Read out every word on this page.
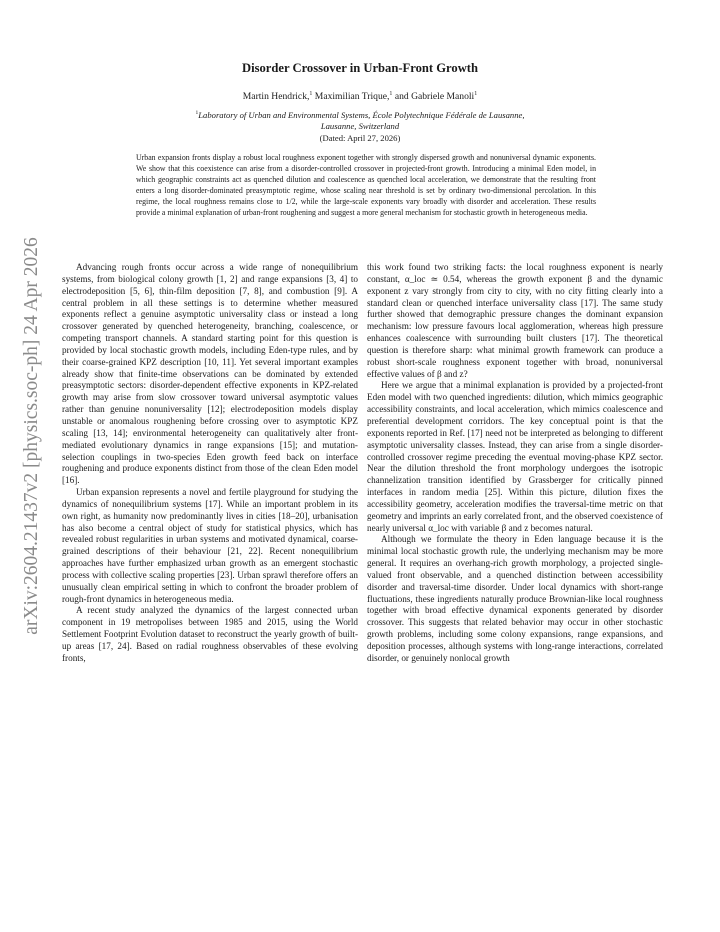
arXiv:2604.21437v2 [physics.soc-ph] 24 Apr 2026
Disorder Crossover in Urban-Front Growth
Martin Hendrick,$^1$ Maximilian Trique,$^1$ and Gabriele Manoli$^1$
$^1$Laboratory of Urban and Environmental Systems, École Polytechnique Fédérale de Lausanne,
Lausanne, Switzerland
(Dated: April 27, 2026)
Urban expansion fronts display a robust local roughness exponent together with strongly dispersed growth and nonuniversal dynamic exponents. We show that this coexistence can arise from a disorder-controlled crossover in projected-front growth. Introducing a minimal Eden model, in which geographic constraints act as quenched dilution and coalescence as quenched local acceleration, we demonstrate that the resulting front enters a long disorder-dominated preasymptotic regime, whose scaling near threshold is set by ordinary two-dimensional percolation. In this regime, the local roughness remains close to 1/2, while the large-scale exponents vary broadly with disorder and acceleration. These results provide a minimal explanation of urban-front roughening and suggest a more general mechanism for stochastic growth in heterogeneous media.

Advancing rough fronts occur across a wide range of nonequilibrium systems, from biological colony growth [1, 2] and range expansions [3, 4] to electrodeposition [5, 6], thin-film deposition [7, 8], and combustion [9]. A central problem in all these settings is to determine whether measured exponents reflect a genuine asymptotic universality class or instead a long crossover generated by quenched heterogeneity, branching, coalescence, or competing transport channels. A standard starting point for this question is provided by local stochastic growth models, including Eden-type rules, and by their coarse-grained KPZ description [10, 11]. Yet several important examples already show that finite-time observations can be dominated by extended preasymptotic sectors: disorder-dependent effective exponents in KPZ-related growth may arise from slow crossover toward universal asymptotic values rather than genuine nonuniversality [12]; electrodeposition models display unstable or anomalous roughening before crossing over to asymptotic KPZ scaling [13, 14]; environmental heterogeneity can qualitatively alter front-mediated evolutionary dynamics in range expansions [15]; and mutation-selection couplings in two-species Eden growth feed back on interface roughening and produce exponents distinct from those of the clean Eden model [16].

Urban expansion represents a novel and fertile playground for studying the dynamics of nonequilibrium systems [17]. While an important problem in its own right, as humanity now predominantly lives in cities [18–20], urbanisation has also become a central object of study for statistical physics, which has revealed robust regularities in urban systems and motivated dynamical, coarse-grained descriptions of their behaviour [21, 22]. Recent nonequilibrium approaches have further emphasized urban growth as an emergent stochastic process with collective scaling properties [23]. Urban sprawl therefore offers an unusually clean empirical setting in which to confront the broader problem of rough-front dynamics in heterogeneous media.

A recent study analyzed the dynamics of the largest connected urban component in 19 metropolises between 1985 and 2015, using the World Settlement Footprint Evolution dataset to reconstruct the yearly growth of built-up areas [17, 24]. Based on radial roughness observables of these evolving fronts,

this work found two striking facts: the local roughness exponent is nearly constant, α_loc ≃ 0.54, whereas the growth exponent β and the dynamic exponent z vary strongly from city to city, with no city fitting clearly into a standard clean or quenched interface universality class [17]. The same study further showed that demographic pressure changes the dominant expansion mechanism: low pressure favours local agglomeration, whereas high pressure enhances coalescence with surrounding built clusters [17]. The theoretical question is therefore sharp: what minimal growth framework can produce a robust short-scale roughness exponent together with broad, nonuniversal effective values of β and z?

Here we argue that a minimal explanation is provided by a projected-front Eden model with two quenched ingredients: dilution, which mimics geographic accessibility constraints, and local acceleration, which mimics coalescence and preferential development corridors. The key conceptual point is that the exponents reported in Ref. [17] need not be interpreted as belonging to different asymptotic universality classes. Instead, they can arise from a single disorder-controlled crossover regime preceding the eventual moving-phase KPZ sector. Near the dilution threshold the front morphology undergoes the isotropic channelization transition identified by Grassberger for critically pinned interfaces in random media [25]. Within this picture, dilution fixes the accessibility geometry, acceleration modifies the traversal-time metric on that geometry and imprints an early correlated front, and the observed coexistence of nearly universal α_loc with variable β and z becomes natural.

Although we formulate the theory in Eden language because it is the minimal local stochastic growth rule, the underlying mechanism may be more general. It requires an overhang-rich growth morphology, a projected single-valued front observable, and a quenched distinction between accessibility disorder and traversal-time disorder. Under local dynamics with short-range fluctuations, these ingredients naturally produce Brownian-like local roughness together with broad effective dynamical exponents generated by disorder crossover. This suggests that related behavior may occur in other stochastic growth problems, including some colony expansions, range expansions, and deposition processes, although systems with long-range interactions, correlated disorder, or genuinely nonlocal growth
